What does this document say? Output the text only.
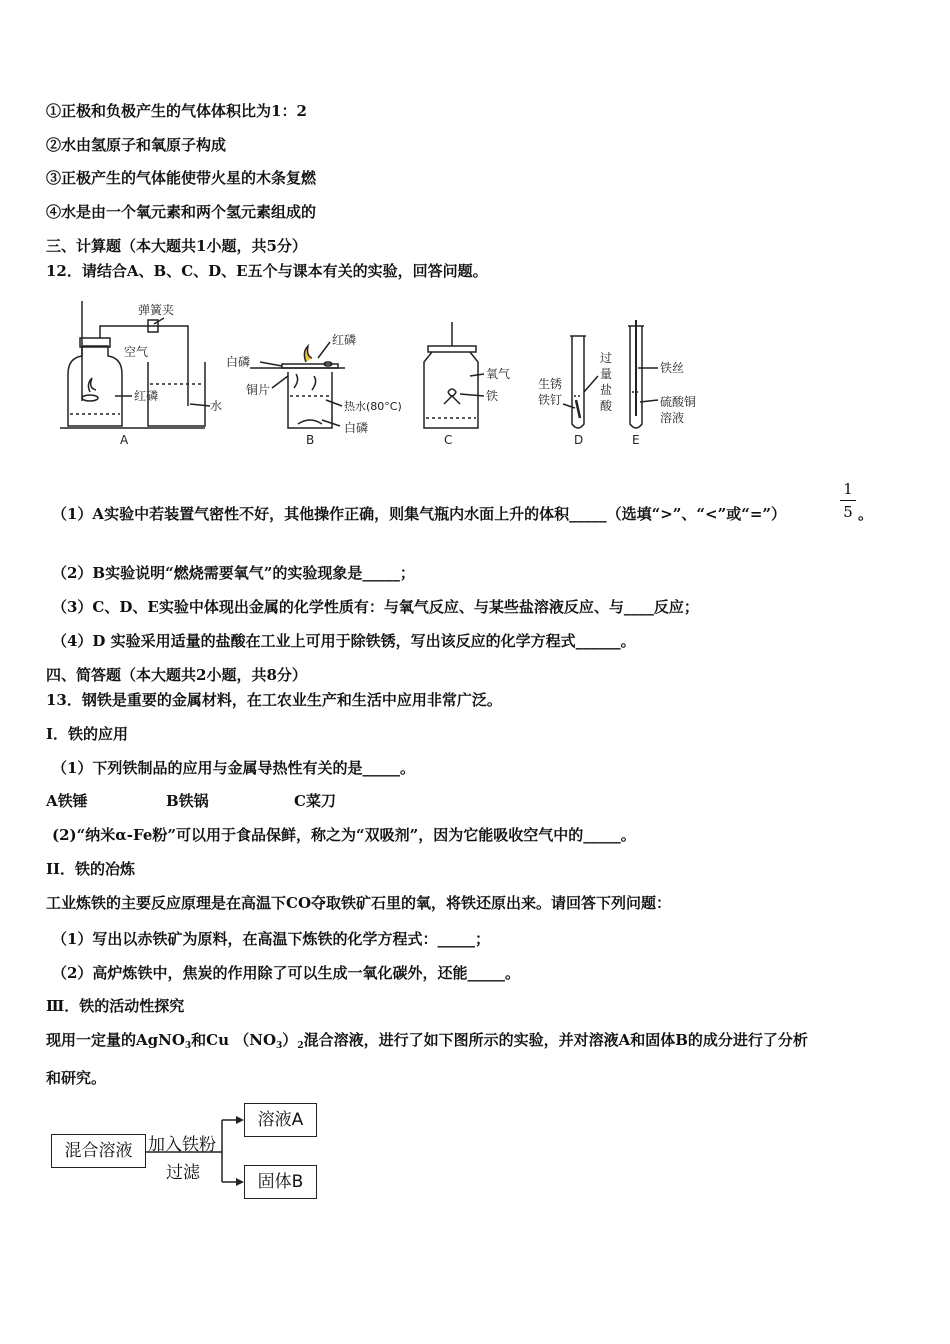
①正极和负极产生的气体体积比为1：2
②水由氢原子和氧原子构成
③正极产生的气体能使带火星的木条复燃
④水是由一个氧元素和两个氢元素组成的
三、计算题（本大题共1小题，共5分）
12．请结合A、B、C、D、E五个与课本有关的实验，回答问题。
弹簧夹
空气
红磷
水
A
红磷
白磷
铜片
热水(80°C)
白磷
B
氧气
铁
C
生锈铁钉
过量盐酸
D
铁丝
硫酸铜溶液
E
（1）A实验中若装置气密性不好，其他操作正确，则集气瓶内水面上升的体积_____（选填“>”、“<”或“=”）
1
5 。
（2）B实验说明“燃烧需要氧气”的实验现象是_____；
（3）C、D、E实验中体现出金属的化学性质有：与氧气反应、与某些盐溶液反应、与____反应；
（4）D 实验采用适量的盐酸在工业上可用于除铁锈，写出该反应的化学方程式______。
四、简答题（本大题共2小题，共8分）
13．钢铁是重要的金属材料，在工农业生产和生活中应用非常广泛。
I．铁的应用
（1）下列铁制品的应用与金属导热性有关的是_____。
A铁锤	B铁锅	C菜刀
(2)“纳米α-Fe粉”可以用于食品保鲜，称之为“双吸剂”，因为它能吸收空气中的_____。
II．铁的冶炼
工业炼铁的主要反应原理是在高温下CO夺取铁矿石里的氧，将铁还原出来。请回答下列问题：
（1）写出以赤铁矿为原料，在高温下炼铁的化学方程式：_____；
（2）高炉炼铁中，焦炭的作用除了可以生成一氧化碳外，还能_____。
Ⅲ．铁的活动性探究
现用一定量的AgNO$_3$和Cu $(NO_3)_2$混合溶液，进行了如下图所示的实验，并对溶液A和固体B的成分进行了分析
和研究。
混合溶液 加入铁粉
过滤
溶液A
固体B
